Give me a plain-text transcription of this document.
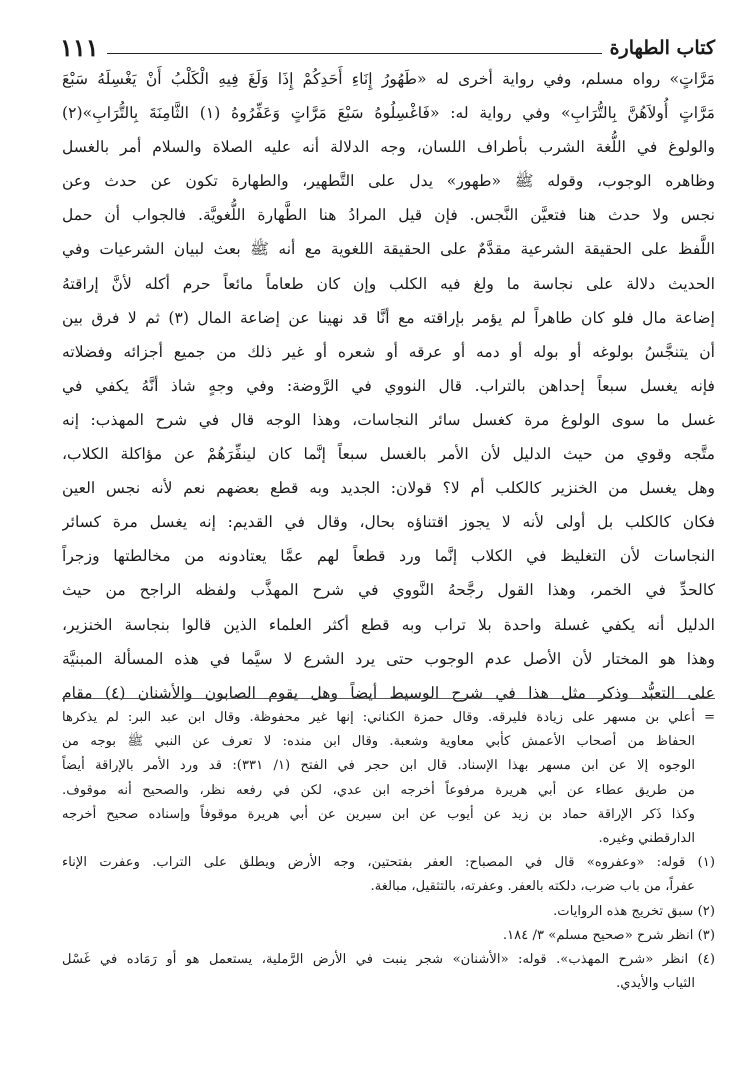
كتاب الطهارة
١١١
مَرَّاتٍ» رواه مسلم، وفي رواية أخرى له «طَهُورُ إِنَاءِ أَحَدِكُمْ إِذَا وَلَغَ فِيهِ الْكَلْبُ أَنْ يَغْسِلَهُ سَبْعَ
مَرَّاتٍ أُولاَهُنَّ بِالتُّرَابِ» وفي رواية له: «فَاغْسِلُوهُ سَبْعَ مَرَّاتٍ وَعَفِّرُوهُ (١) الثَّامِنَةَ بِالتُّرَابِ»(٢)
والولوغ في اللُّغة الشرب بأطراف اللسان، وجه الدلالة أنه عليه الصلاة والسلام أمر بالغسل
وظاهره الوجوب، وقوله ﷺ «طهور» يدل على التَّطهير، والطهارة تكون عن حدث وعن
نجس ولا حدث هنا فتعيَّن النَّجس. فإن قيل المرادُ هنا الطَّهارة اللُّغويَّة. فالجواب أن حمل
اللَّفظ على الحقيقة الشرعية مقدَّمٌ على الحقيقة اللغوية مع أنه ﷺ بعث لبيان الشرعيات وفي
الحديث دلالة على نجاسة ما ولغ فيه الكلب وإن كان طعاماً مائعاً حرم أكله لأنَّ إراقتهُ
إضاعة مال فلو كان طاهراً لم يؤمر بإراقته مع أنَّا قد نهينا عن إضاعة المال (٣) ثم لا فرق بين
أن يتنجَّسُ بولوغه أو بوله أو دمه أو عرقه أو شعره أو غير ذلك من جميع أجزائه وفضلاته
فإنه يغسل سبعاً إحداهن بالتراب. قال النووي في الرَّوضة: وفي وجهٍ شاذ أنَّهُ يكفي في
غسل ما سوى الولوغ مرة كغسل سائر النجاسات، وهذا الوجه قال في شرح المهذب: إنه
متَّجه وقوي من حيث الدليل لأن الأمر بالغسل سبعاً إنَّما كان لينفِّرَهُمْ عن مؤاكلة الكلاب،
وهل يغسل من الخنزير كالكلب أم لا؟ قولان: الجديد وبه قطع بعضهم نعم لأنه نجس العين
فكان كالكلب بل أولى لأنه لا يجوز اقتناؤه بحال، وقال في القديم: إنه يغسل مرة كسائر
النجاسات لأن التغليظ في الكلاب إنَّما ورد قطعاً لهم عمَّا يعتادونه من مخالطتها وزجراً
كالحدِّ في الخمر، وهذا القول رجَّحهُ النَّووي في شرح المهذَّب ولفظه الراجح من حيث
الدليل أنه يكفي غسلة واحدة بلا تراب وبه قطع أكثر العلماء الذين قالوا بنجاسة الخنزير،
وهذا هو المختار لأن الأصل عدم الوجوب حتى يرد الشرع لا سيَّما في هذه المسألة المبنيَّة
على التعبُّد وذكر مثل هذا في شرح الوسيط أيضاً وهل يقوم الصابون والأشنان (٤) مقام
= أعلي بن مسهر على زيادة فليرقه. وقال حمزة الكناني: إنها غير محفوظة. وقال ابن عبد البر: لم يذكرها
الحفاظ من أصحاب الأعمش كأبي معاوية وشعبة. وقال ابن منده: لا تعرف عن النبي ﷺ بوجه من
الوجوه إلا عن ابن مسهر بهذا الإسناد. قال ابن حجر في الفتح (١/ ٣٣١): قد ورد الأمر بالإراقة أيضاً
من طريق عطاء عن أبي هريرة مرفوعاً أخرجه ابن عدي، لكن في رفعه نظر، والصحيح أنه موقوف.
وكذا ذَكر الإراقة حماد بن زيد عن أيوب عن ابن سيرين عن أبي هريرة موقوفاً وإسناده صحيح أخرجه
الدارقطني وغيره.
(١) قوله: «وعفروه» قال في المصباح: العفر بفتحتين، وجه الأرض ويطلق على التراب. وعفرت الإناء
عفراً، من باب ضرب، دلكته بالعفر. وعفرته، بالتثقيل، مبالغة.
(٢) سبق تخريج هذه الروايات.
(٣) انظر شرح «صحيح مسلم» ٣/ ١٨٤.
(٤) انظر «شرح المهذب». قوله: «الأشنان» شجر ينبت في الأرض الرَّملية، يستعمل هو أو رَمَاده في غَسْل
الثياب والأيدي.
